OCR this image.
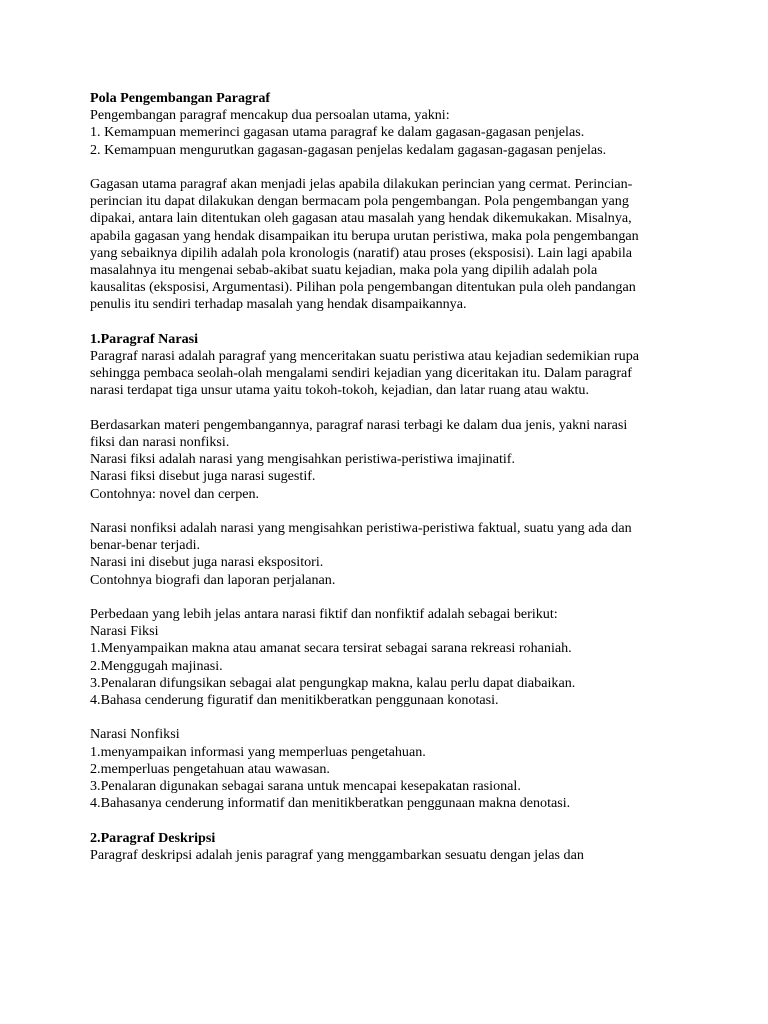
Pola Pengembangan Paragraf

Pengembangan paragraf mencakup dua persoalan utama, yakni:

1. Kemampuan memerinci gagasan utama paragraf ke dalam gagasan-gagasan penjelas.

2. Kemampuan mengurutkan gagasan-gagasan penjelas kedalam gagasan-gagasan penjelas.

Gagasan utama paragraf akan menjadi jelas apabila dilakukan perincian yang cermat. Perincian-

perincian itu dapat dilakukan dengan bermacam pola pengembangan. Pola pengembangan yang

dipakai, antara lain ditentukan oleh gagasan atau masalah yang hendak dikemukakan. Misalnya,

apabila gagasan yang hendak disampaikan itu berupa urutan peristiwa, maka pola pengembangan

yang sebaiknya dipilih adalah pola kronologis (naratif) atau proses (eksposisi). Lain lagi apabila

masalahnya itu mengenai sebab-akibat suatu kejadian, maka pola yang dipilih adalah pola

kausalitas (eksposisi, Argumentasi). Pilihan pola pengembangan ditentukan pula oleh pandangan

penulis itu sendiri terhadap masalah yang hendak disampaikannya.

1.Paragraf Narasi

Paragraf narasi adalah paragraf yang menceritakan suatu peristiwa atau kejadian sedemikian rupa

sehingga pembaca seolah-olah mengalami sendiri kejadian yang diceritakan itu. Dalam paragraf

narasi terdapat tiga unsur utama yaitu tokoh-tokoh, kejadian, dan latar ruang atau waktu.

Berdasarkan materi pengembangannya, paragraf narasi terbagi ke dalam dua jenis, yakni narasi

fiksi dan narasi nonfiksi.

Narasi fiksi adalah narasi yang mengisahkan peristiwa-peristiwa imajinatif.

Narasi fiksi disebut juga narasi sugestif.

Contohnya: novel dan cerpen.

Narasi nonfiksi adalah narasi yang mengisahkan peristiwa-peristiwa faktual, suatu yang ada dan

benar-benar terjadi.

Narasi ini disebut juga narasi ekspositori.

Contohnya biografi dan laporan perjalanan.

Perbedaan yang lebih jelas antara narasi fiktif dan nonfiktif adalah sebagai berikut:

Narasi Fiksi

1.Menyampaikan makna atau amanat secara tersirat sebagai sarana rekreasi rohaniah.

2.Menggugah majinasi.

3.Penalaran difungsikan sebagai alat pengungkap makna, kalau perlu dapat diabaikan.

4.Bahasa cenderung figuratif dan menitikberatkan penggunaan konotasi.

Narasi Nonfiksi

1.menyampaikan informasi yang memperluas pengetahuan.

2.memperluas pengetahuan atau wawasan.

3.Penalaran digunakan sebagai sarana untuk mencapai kesepakatan rasional.

4.Bahasanya cenderung informatif dan menitikberatkan penggunaan makna denotasi.

2.Paragraf Deskripsi

Paragraf deskripsi adalah jenis paragraf yang menggambarkan sesuatu dengan jelas dan
